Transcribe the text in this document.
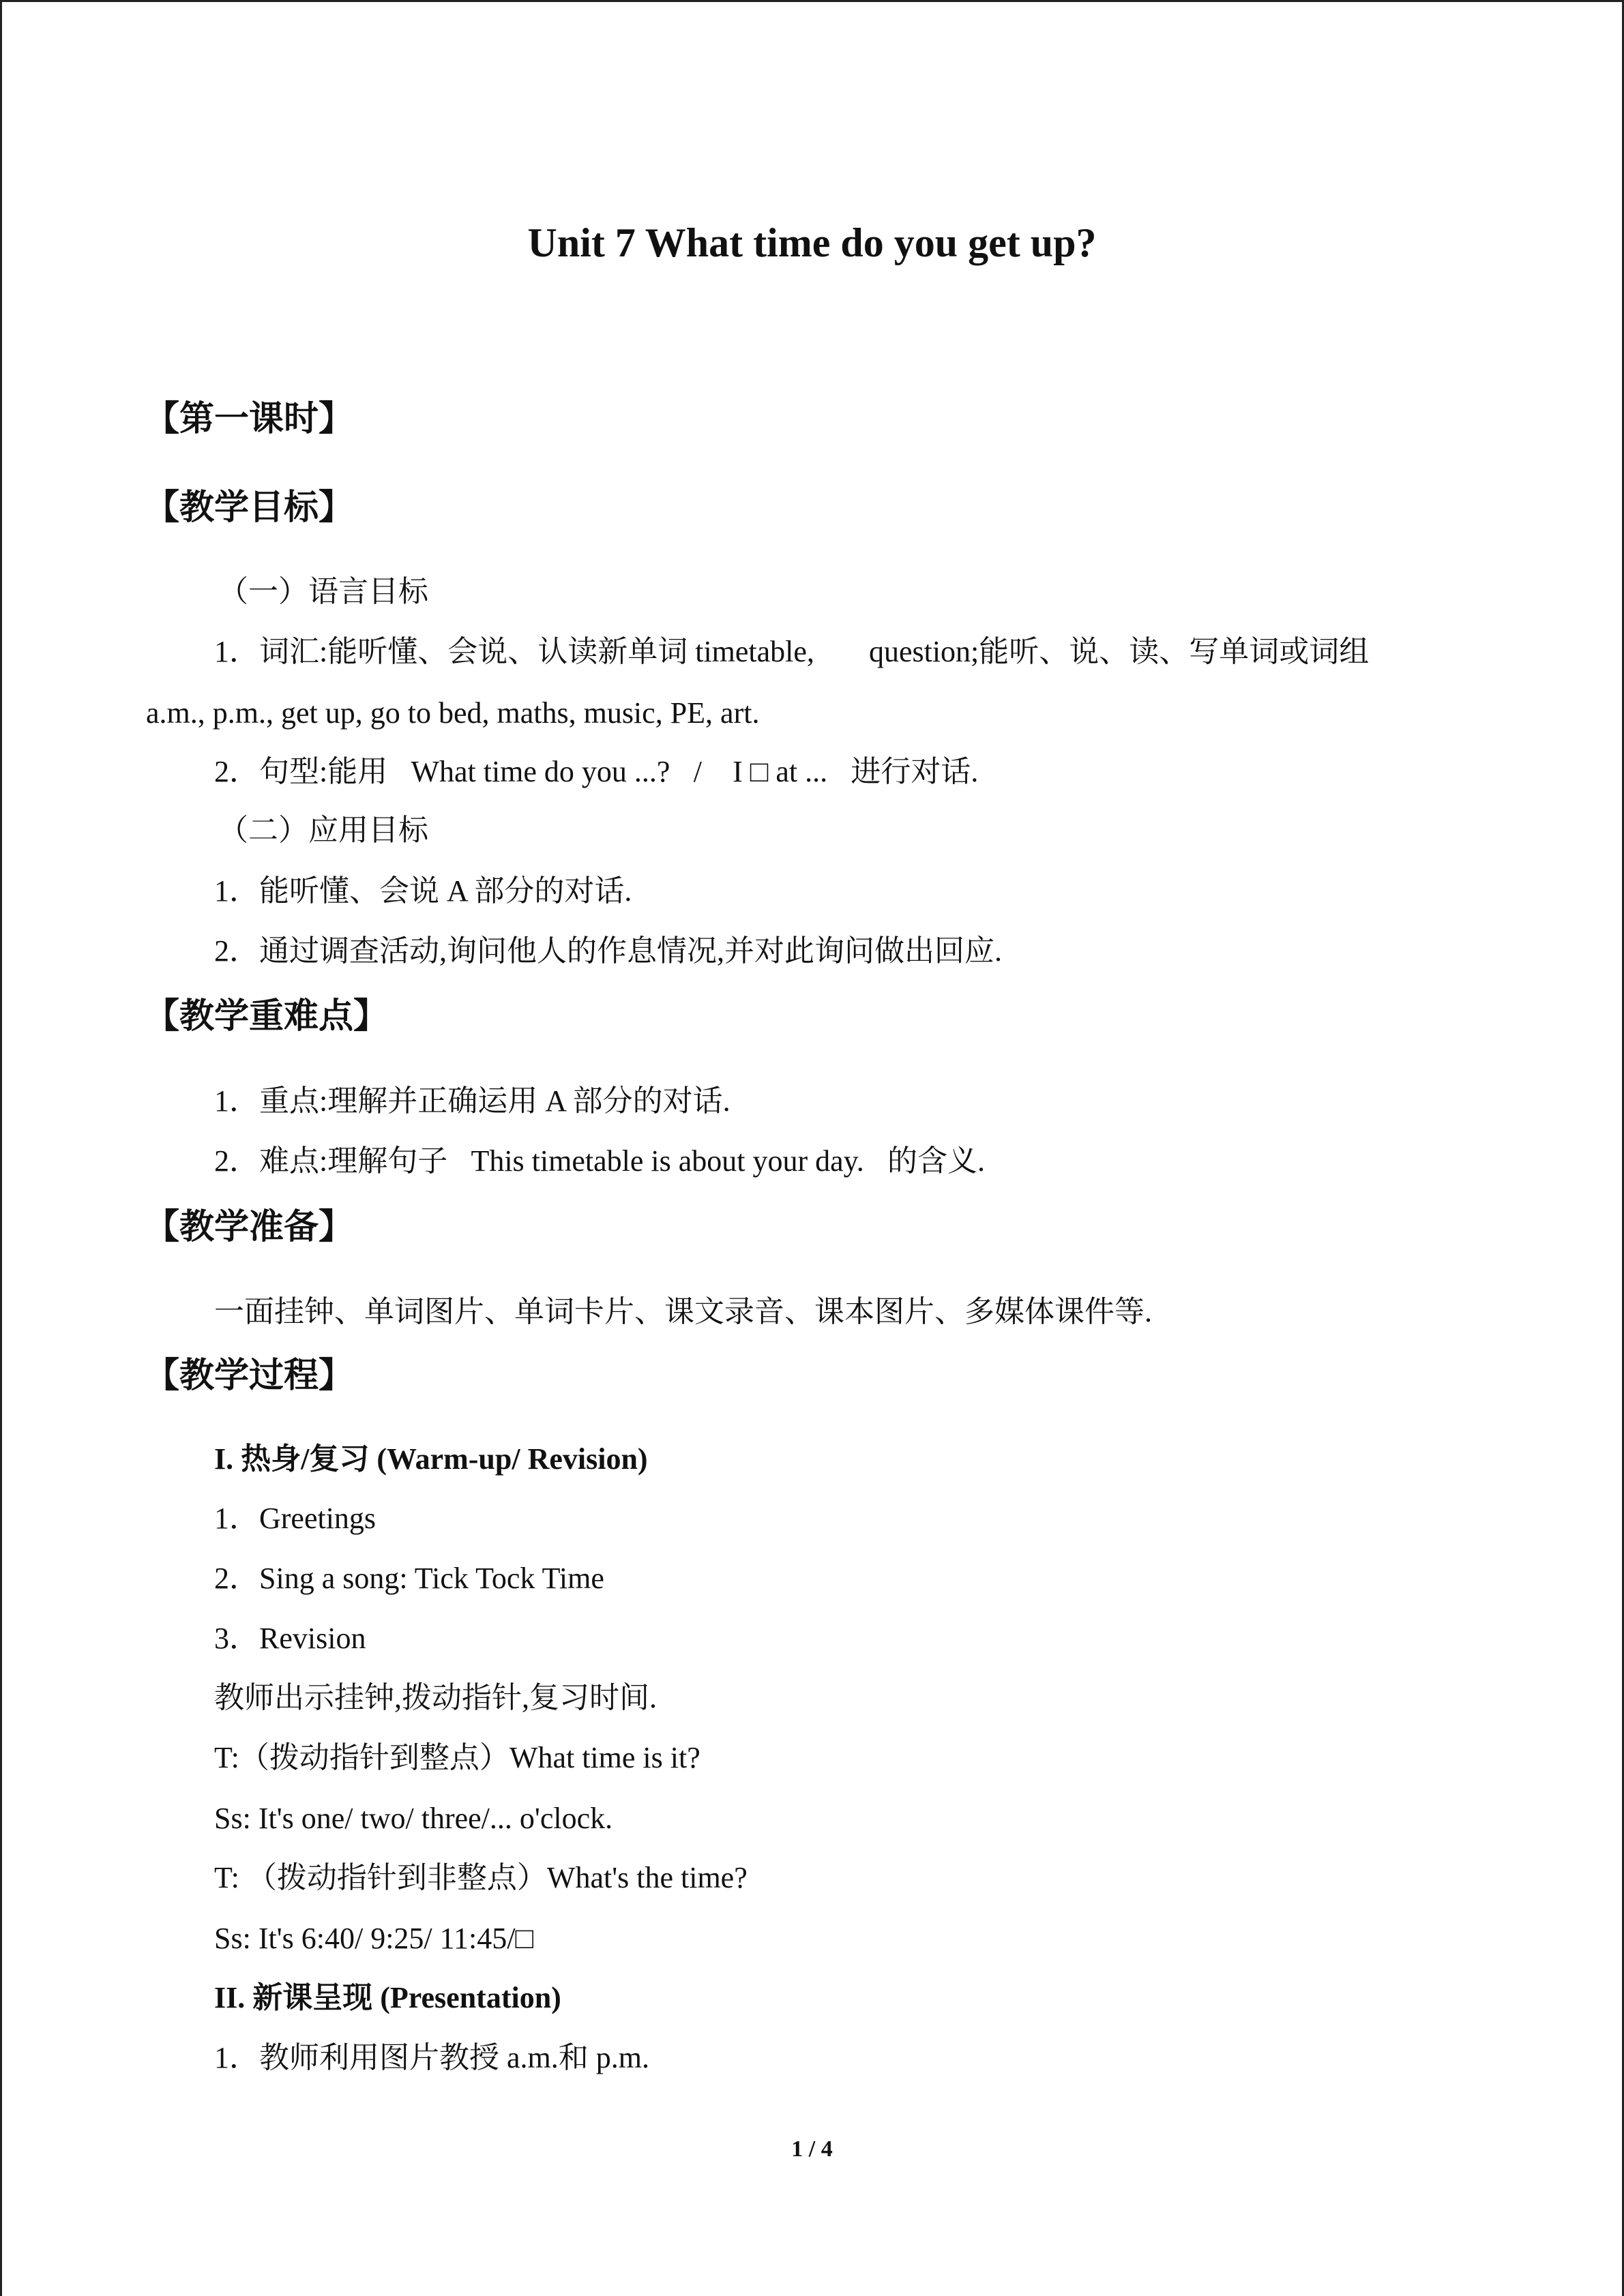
Unit 7 What time do you get up?
【第一课时】
【教学目标】
（一）语言目标
1．词汇:能听懂、会说、认读新单词 timetable, question;能听、说、读、写单词或词组
a.m., p.m., get up, go to bed, maths, music, PE, art.
2．句型:能用 What time do you ...? /  I □ at ... 进行对话.
（二）应用目标
1．能听懂、会说 A 部分的对话.
2．通过调查活动,询问他人的作息情况,并对此询问做出回应.
【教学重难点】
1．重点:理解并正确运用 A 部分的对话.
2．难点:理解句子 This timetable is about your day. 的含义.
【教学准备】
一面挂钟、单词图片、单词卡片、课文录音、课本图片、多媒体课件等.
【教学过程】
I. 热身/复习 (Warm-up/ Revision)
1．Greetings
2．Sing a song: Tick Tock Time
3．Revision
教师出示挂钟,拨动指针,复习时间.
T:（拨动指针到整点）What time is it?
Ss: It's one/ two/ three/... o'clock.
T: （拨动指针到非整点）What's the time?
Ss: It's 6:40/ 9:25/ 11:45/□
II. 新课呈现 (Presentation)
1．教师利用图片教授 a.m.和 p.m.
1 / 4
